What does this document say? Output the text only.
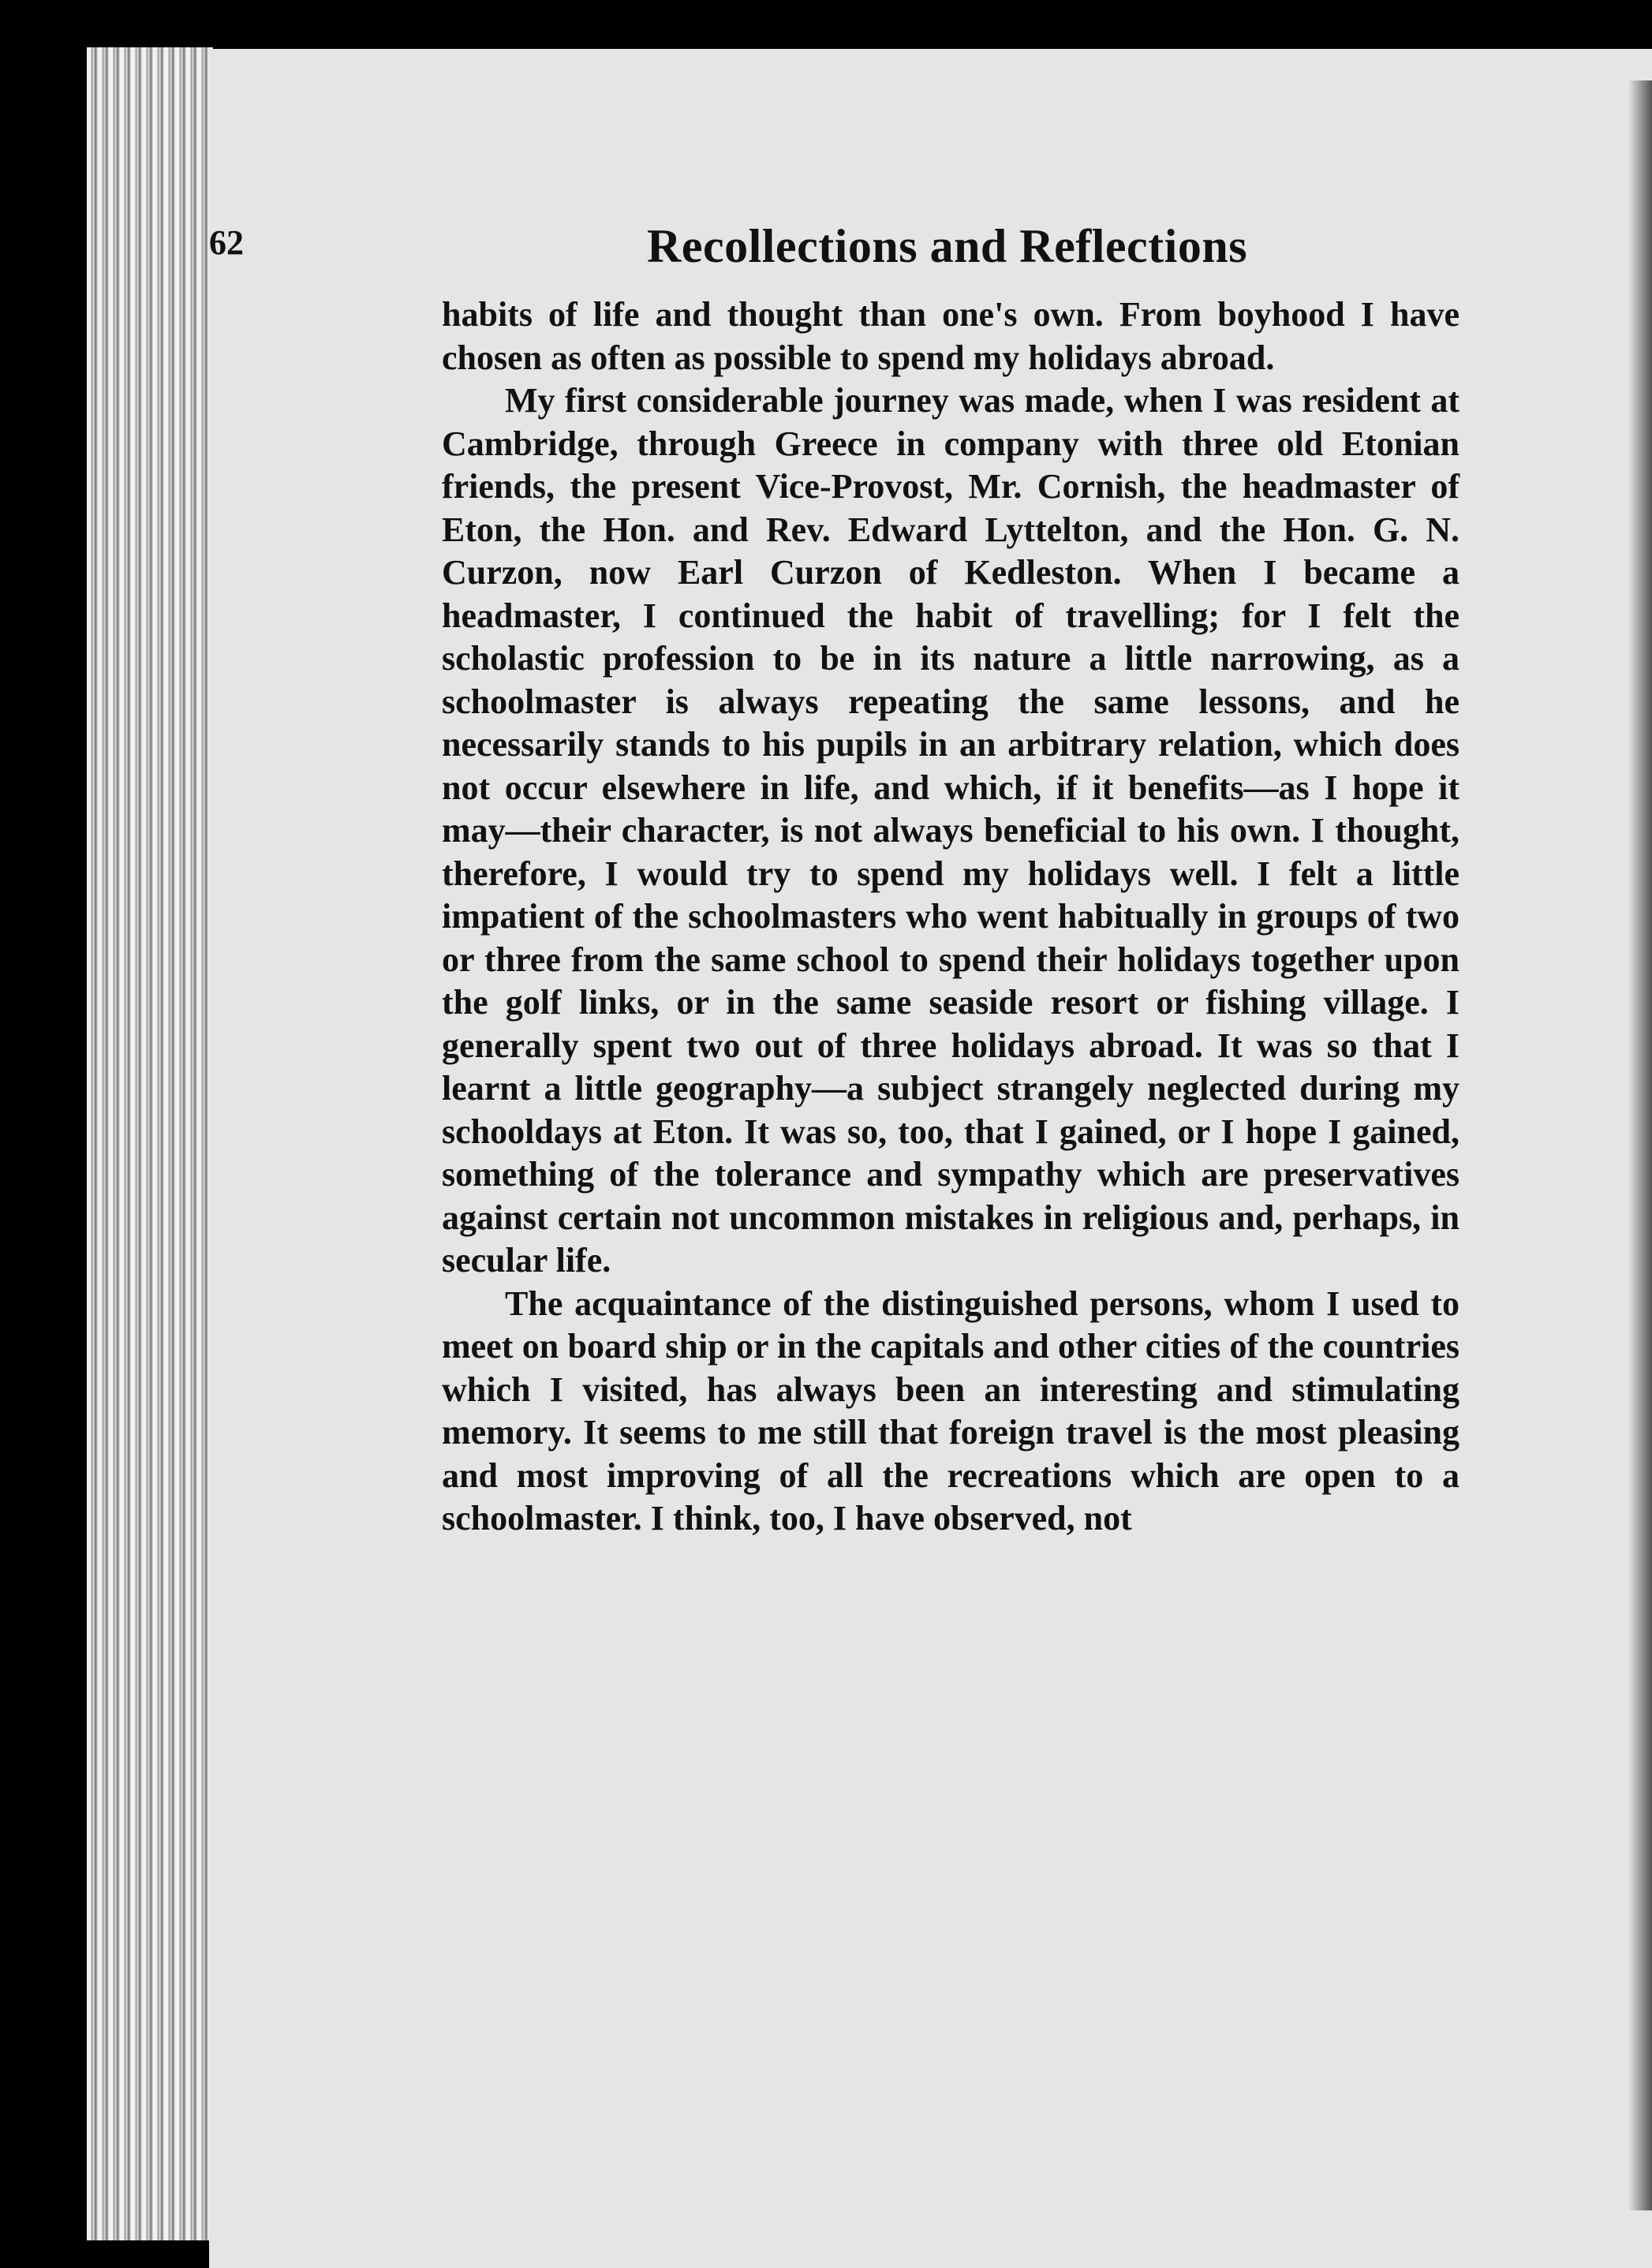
62	Recollections and Reflections

habits of life and thought than one's own. From boyhood I have chosen as often as possible to spend my holidays abroad.

My first considerable journey was made, when I was resident at Cambridge, through Greece in company with three old Etonian friends, the present Vice-Provost, Mr. Cornish, the headmaster of Eton, the Hon. and Rev. Edward Lyttelton, and the Hon. G. N. Curzon, now Earl Curzon of Kedleston. When I became a headmaster, I continued the habit of travelling; for I felt the scholastic profession to be in its nature a little narrowing, as a schoolmaster is always repeating the same lessons, and he necessarily stands to his pupils in an arbitrary relation, which does not occur elsewhere in life, and which, if it benefits—as I hope it may—their character, is not always beneficial to his own. I thought, therefore, I would try to spend my holidays well. I felt a little impatient of the schoolmasters who went habitually in groups of two or three from the same school to spend their holidays together upon the golf links, or in the same seaside resort or fishing village. I generally spent two out of three holidays abroad. It was so that I learnt a little geography—a subject strangely neglected during my schooldays at Eton. It was so, too, that I gained, or I hope I gained, something of the tolerance and sympathy which are preservatives against certain not uncommon mistakes in religious and, perhaps, in secular life.

The acquaintance of the distinguished persons, whom I used to meet on board ship or in the capitals and other cities of the countries which I visited, has always been an interesting and stimulating memory. It seems to me still that foreign travel is the most pleasing and most improving of all the recreations which are open to a schoolmaster. I think, too, I have observed, not
